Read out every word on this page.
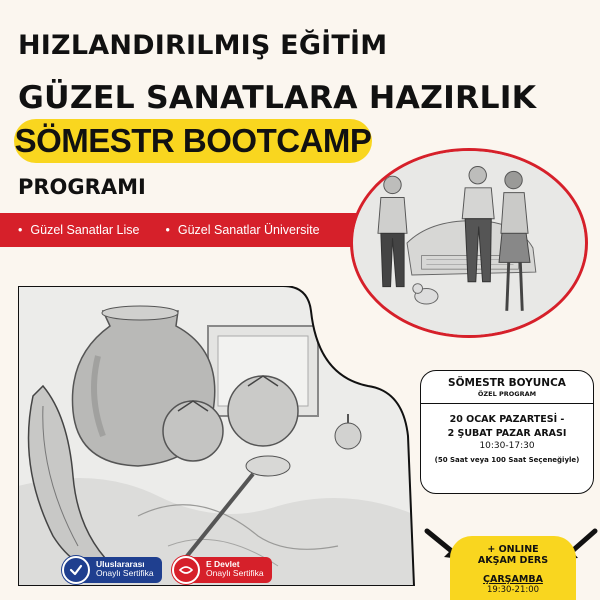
HIZLANDIRILMIŞ EĞİTİM
GÜZEL SANATLARA HAZIRLIK
SÖMESTR BOOTCAMP
PROGRAMI
• Güzel Sanatlar Lise
•	Güzel Sanatlar Üniversite
SÖMESTR BOYUNCA
ÖZEL PROGRAM
20 OCAK PAZARTESİ -
2 ŞUBAT PAZAR ARASI
10:30-17:30
(50 Saat veya 100 Saat Seçeneğiyle)
+ ONLINE
AKŞAM DERS
ÇARŞAMBA
19:30-21:00
Uluslararası
Onaylı Sertifika
E Devlet
Onaylı Sertifika
